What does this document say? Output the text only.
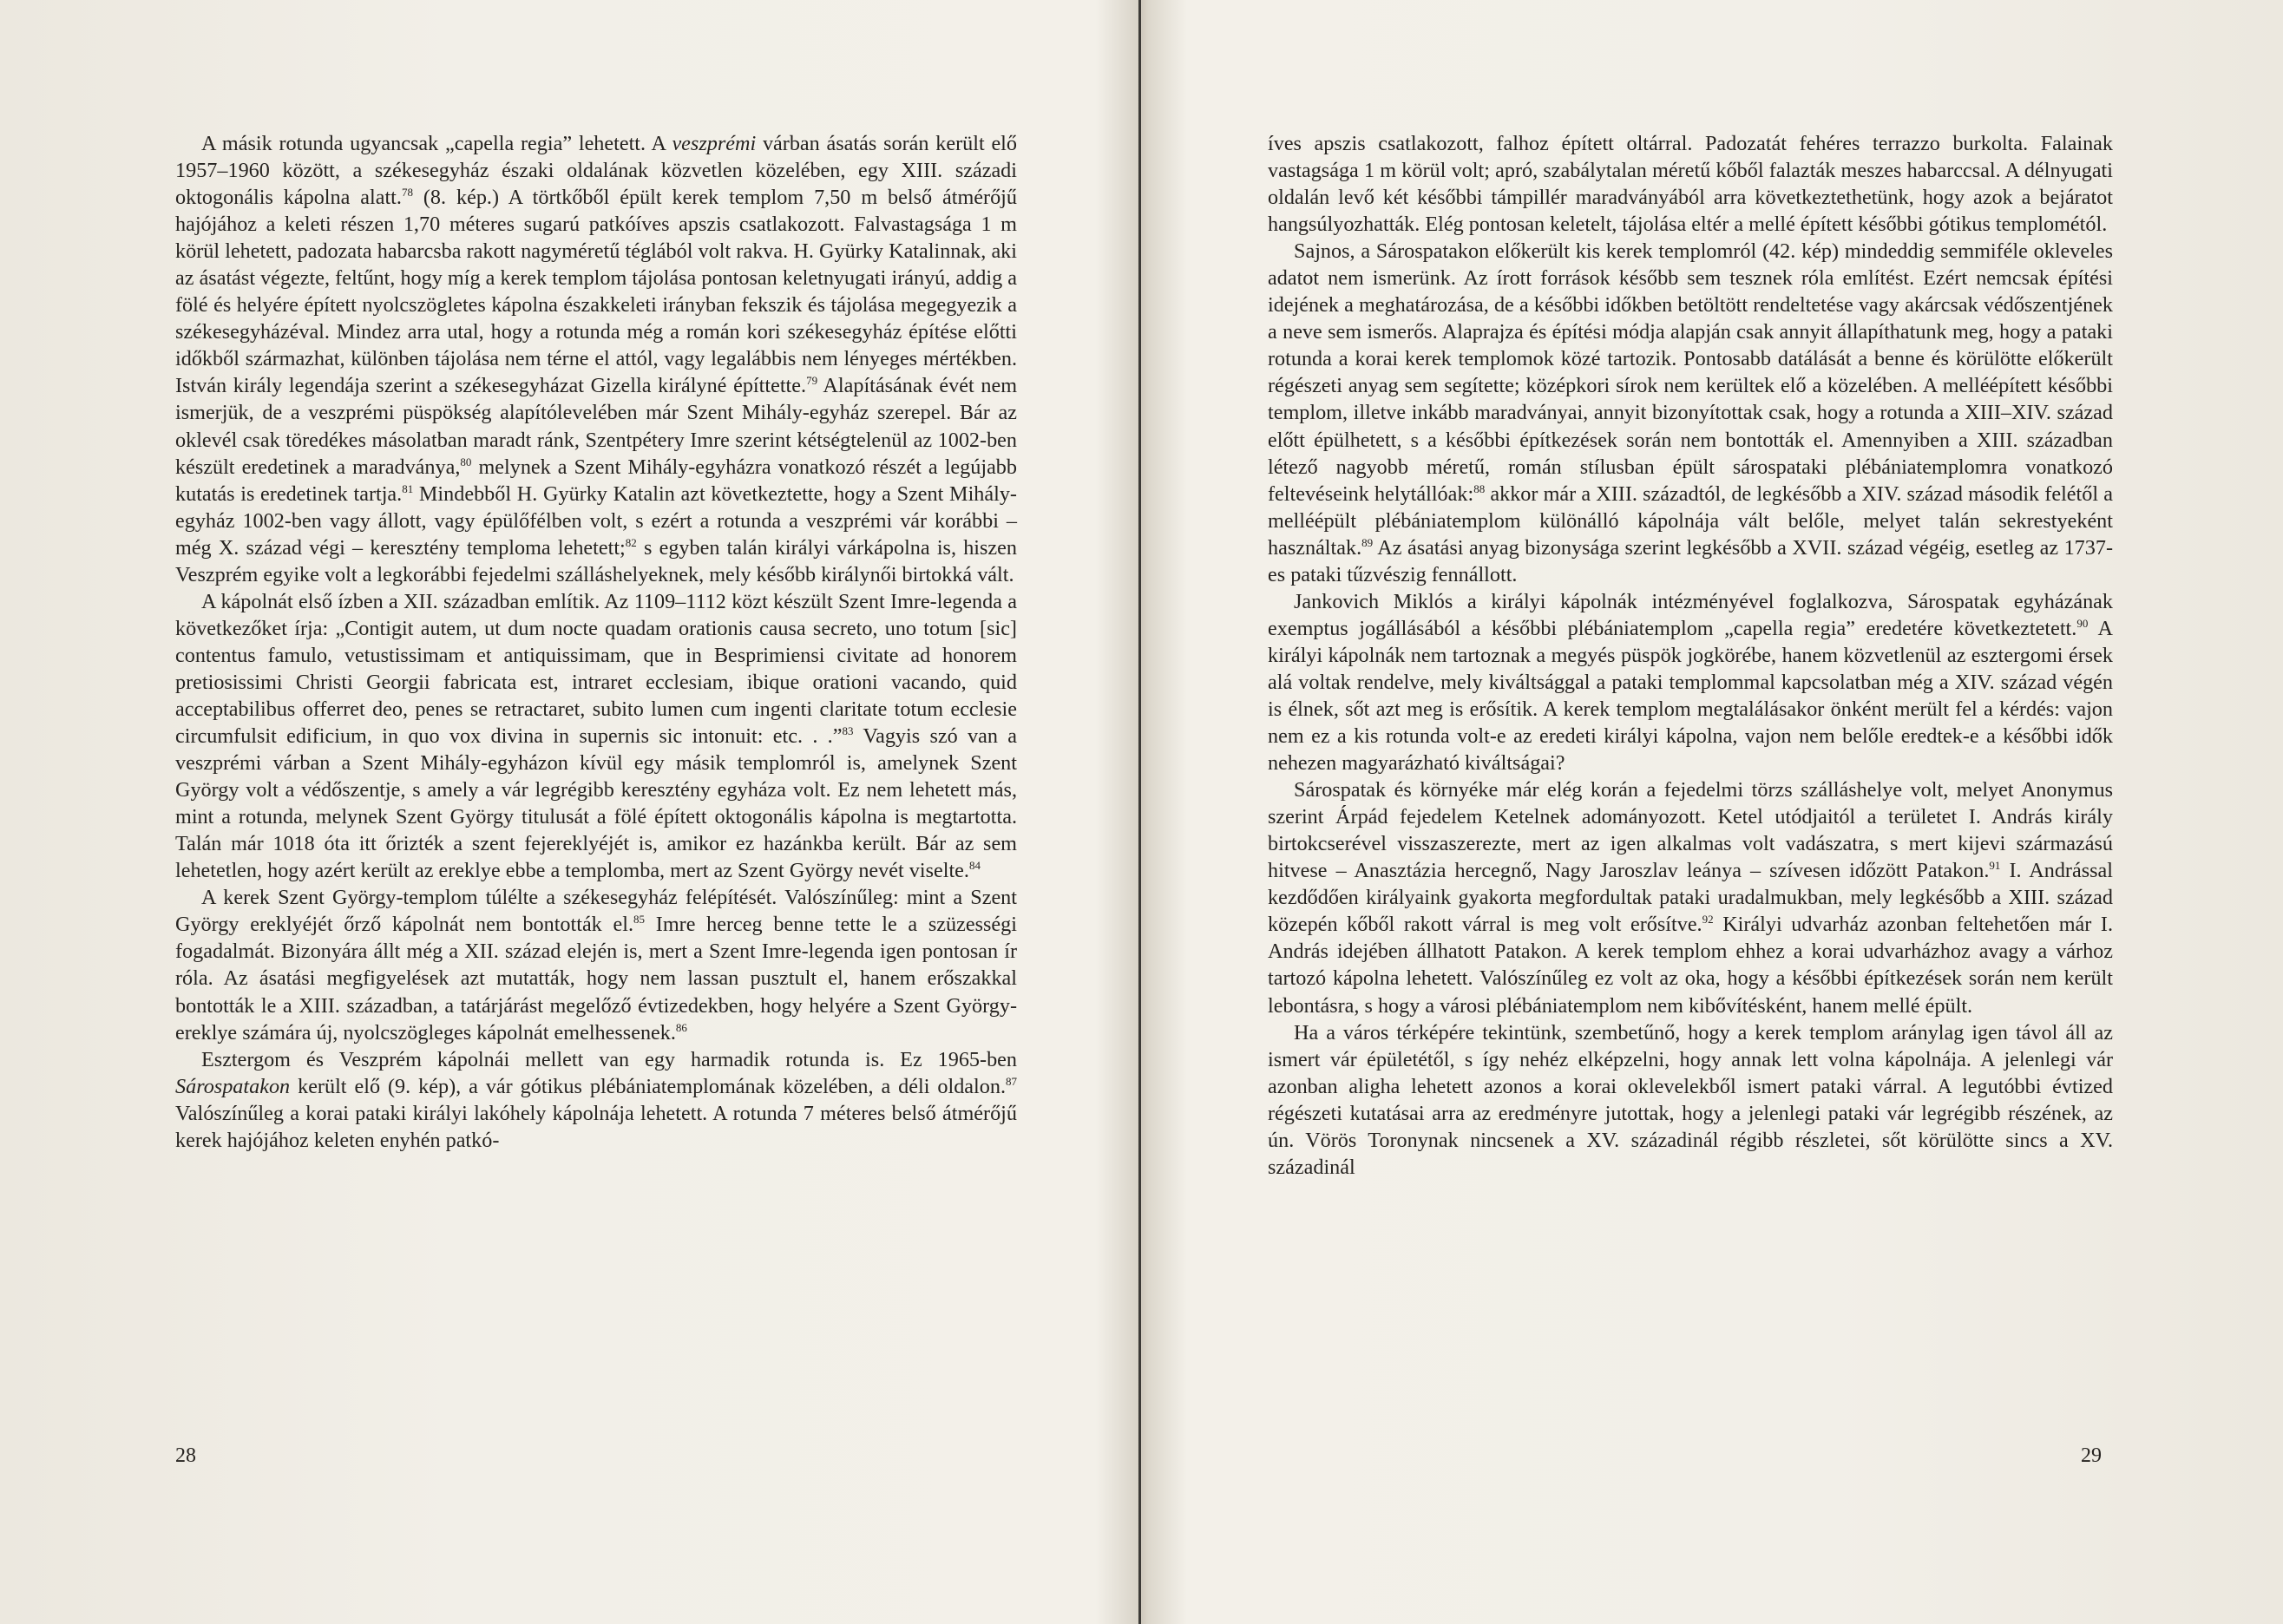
A másik rotunda ugyancsak „capella regia” lehetett. A veszprémi várban ásatás során került elő 1957–1960 között, a székesegyház északi oldalának közvetlen közelében, egy XIII. századi oktogonális kápolna alatt.$^{78}$ (8. kép.) A törtkőből épült kerek templom 7,50 m belső átmérőjű hajójához a keleti részen 1,70 méteres sugarú patkóíves apszis csatlakozott. Falvastagsága 1 m körül lehetett, padozata habarcsba rakott nagyméretű téglából volt rakva. H. Gyürky Katalinnak, aki az ásatást végezte, feltűnt, hogy míg a kerek templom tájolása pontosan keletnyugati irányú, addig a fölé és helyére épített nyolcszögletes kápolna északkeleti irányban fekszik és tájolása megegyezik a székesegyházéval. Mindez arra utal, hogy a rotunda még a román kori székesegyház építése előtti időkből származhat, különben tájolása nem térne el attól, vagy legalábbis nem lényeges mértékben. István király legendája szerint a székesegyházat Gizella királyné építtette.$^{79}$ Alapításának évét nem ismerjük, de a veszprémi püspökség alapítólevelében már Szent Mihály-egyház szerepel. Bár az oklevél csak töredékes másolatban maradt ránk, Szentpétery Imre szerint kétségtelenül az 1002-ben készült eredetinek a maradványa,$^{80}$ melynek a Szent Mihály-egyházra vonatkozó részét a legújabb kutatás is eredetinek tartja.$^{81}$ Mindebből H. Gyürky Katalin azt következtette, hogy a Szent Mihály-egyház 1002-ben vagy állott, vagy épülőfélben volt, s ezért a rotunda a veszprémi vár korábbi – még X. század végi – keresztény temploma lehetett;$^{82}$ s egyben talán királyi várkápolna is, hiszen Veszprém egyike volt a legkorábbi fejedelmi szálláshelyeknek, mely később királynői birtokká vált.

A kápolnát első ízben a XII. században említik. Az 1109–1112 közt készült Szent Imre-legenda a következőket írja: „Contigit autem, ut dum nocte quadam orationis causa secreto, uno totum [sic] contentus famulo, vetustissimam et antiquissimam, que in Besprimiensi civitate ad honorem pretiosissimi Christi Georgii fabricata est, intraret ecclesiam, ibique orationi vacando, quid acceptabilibus offerret deo, penes se retractaret, subito lumen cum ingenti claritate totum ecclesie circumfulsit edificium, in quo vox divina in supernis sic intonuit: etc. . .”$^{83}$ Vagyis szó van a veszprémi várban a Szent Mihály-egyházon kívül egy másik templomról is, amelynek Szent György volt a védőszentje, s amely a vár legrégibb keresztény egyháza volt. Ez nem lehetett más, mint a rotunda, melynek Szent György titulusát a fölé épített oktogonális kápolna is megtartotta. Talán már 1018 óta itt őrizték a szent fejereklyéjét is, amikor ez hazánkba került. Bár az sem lehetetlen, hogy azért került az ereklye ebbe a templomba, mert az Szent György nevét viselte.$^{84}$

A kerek Szent György-templom túlélte a székesegyház felépítését. Valószínűleg: mint a Szent György ereklyéjét őrző kápolnát nem bontották el.$^{85}$ Imre herceg benne tette le a szüzességi fogadalmát. Bizonyára állt még a XII. század elején is, mert a Szent Imre-legenda igen pontosan ír róla. Az ásatási megfigyelések azt mutatták, hogy nem lassan pusztult el, hanem erőszakkal bontották le a XIII. században, a tatárjárást megelőző évtizedekben, hogy helyére a Szent György-ereklye számára új, nyolcszögleges kápolnát emelhessenek.$^{86}$

Esztergom és Veszprém kápolnái mellett van egy harmadik rotunda is. Ez 1965-ben Sárospatakon került elő (9. kép), a vár gótikus plébániatemplomának közelében, a déli oldalon.$^{87}$ Valószínűleg a korai pataki királyi lakóhely kápolnája lehetett. A rotunda 7 méteres belső átmérőjű kerek hajójához keleten enyhén patkó-

28

íves apszis csatlakozott, falhoz épített oltárral. Padozatát fehéres terrazzo burkolta. Falainak vastagsága 1 m körül volt; apró, szabálytalan méretű kőből falazták meszes habarccsal. A délnyugati oldalán levő két későbbi támpillér maradványából arra következtethetünk, hogy azok a bejáratot hangsúlyozhatták. Elég pontosan keletelt, tájolása eltér a mellé épített későbbi gótikus templométól.

Sajnos, a Sárospatakon előkerült kis kerek templomról (42. kép) mindeddig semmiféle okleveles adatot nem ismerünk. Az írott források később sem tesznek róla említést. Ezért nemcsak építési idejének a meghatározása, de a későbbi időkben betöltött rendeltetése vagy akárcsak védőszentjének a neve sem ismerős. Alaprajza és építési módja alapján csak annyit állapíthatunk meg, hogy a pataki rotunda a korai kerek templomok közé tartozik. Pontosabb datálását a benne és körülötte előkerült régészeti anyag sem segítette; középkori sírok nem kerültek elő a közelében. A melléépített későbbi templom, illetve inkább maradványai, annyit bizonyítottak csak, hogy a rotunda a XIII–XIV. század előtt épülhetett, s a későbbi építkezések során nem bontották el. Amennyiben a XIII. században létező nagyobb méretű, román stílusban épült sárospataki plébániatemplomra vonatkozó feltevéseink helytállóak:$^{88}$ akkor már a XIII. századtól, de legkésőbb a XIV. század második felétől a melléépült plébániatemplom különálló kápolnája vált belőle, melyet talán sekrestyeként használtak.$^{89}$ Az ásatási anyag bizonysága szerint legkésőbb a XVII. század végéig, esetleg az 1737-es pataki tűzvészig fennállott.

Jankovich Miklós a királyi kápolnák intézményével foglalkozva, Sárospatak egyházának exemptus jogállásából a későbbi plébániatemplom „capella regia” eredetére következtetett.$^{90}$ A királyi kápolnák nem tartoznak a megyés püspök jogkörébe, hanem közvetlenül az esztergomi érsek alá voltak rendelve, mely kiváltsággal a pataki templommal kapcsolatban még a XIV. század végén is élnek, sőt azt meg is erősítik. A kerek templom megtalálásakor önként merült fel a kérdés: vajon nem ez a kis rotunda volt-e az eredeti királyi kápolna, vajon nem belőle eredtek-e a későbbi idők nehezen magyarázható kiváltságai?

Sárospatak és környéke már elég korán a fejedelmi törzs szálláshelye volt, melyet Anonymus szerint Árpád fejedelem Ketelnek adományozott. Ketel utódjaitól a területet I. András király birtokcserével visszaszerezte, mert az igen alkalmas volt vadászatra, s mert kijevi származású hitvese – Anasztázia hercegnő, Nagy Jaroszlav leánya – szívesen időzött Patakon.$^{91}$ I. Andrással kezdődően királyaink gyakorta megfordultak pataki uradalmukban, mely legkésőbb a XIII. század közepén kőből rakott várral is meg volt erősítve.$^{92}$ Királyi udvarház azonban feltehetően már I. András idejében állhatott Patakon. A kerek templom ehhez a korai udvarházhoz avagy a várhoz tartozó kápolna lehetett. Valószínűleg ez volt az oka, hogy a későbbi építkezések során nem került lebontásra, s hogy a városi plébániatemplom nem kibővítésként, hanem mellé épült.

Ha a város térképére tekintünk, szembetűnő, hogy a kerek templom aránylag igen távol áll az ismert vár épületétől, s így nehéz elképzelni, hogy annak lett volna kápolnája. A jelenlegi vár azonban aligha lehetett azonos a korai oklevelekből ismert pataki várral. A legutóbbi évtized régészeti kutatásai arra az eredményre jutottak, hogy a jelenlegi pataki vár legrégibb részének, az ún. Vörös Toronynak nincsenek a XV. századinál régibb részletei, sőt körülötte sincs a XV. századinál

29
